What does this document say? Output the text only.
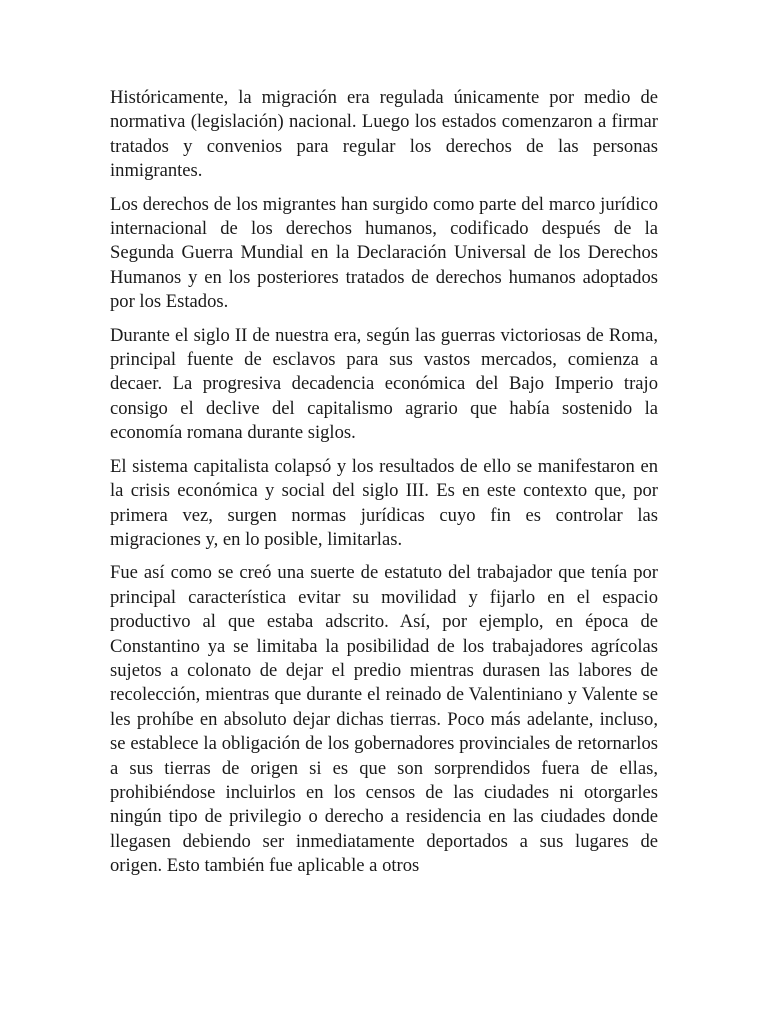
Históricamente, la migración era regulada únicamente por medio de normativa (legislación) nacional. Luego los estados comenzaron a firmar tratados y convenios para regular los derechos de las personas inmigrantes.

Los derechos de los migrantes han surgido como parte del marco jurídico internacional de los derechos humanos, codificado después de la Segunda Guerra Mundial en la Declaración Universal de los Derechos Humanos y en los posteriores tratados de derechos humanos adoptados por los Estados.

Durante el siglo II de nuestra era, según las guerras victoriosas de Roma, principal fuente de esclavos para sus vastos mercados, comienza a decaer. La progresiva decadencia económica del Bajo Imperio trajo consigo el declive del capitalismo agrario que había sostenido la economía romana durante siglos.

El sistema capitalista colapsó y los resultados de ello se manifestaron en la crisis económica y social del siglo III. Es en este contexto que, por primera vez, surgen normas jurídicas cuyo fin es controlar las migraciones y, en lo posible, limitarlas.

Fue así como se creó una suerte de estatuto del trabajador que tenía por principal característica evitar su movilidad y fijarlo en el espacio productivo al que estaba adscrito. Así, por ejemplo, en época de Constantino ya se limitaba la posibilidad de los trabajadores agrícolas sujetos a colonato de dejar el predio mientras durasen las labores de recolección, mientras que durante el reinado de Valentiniano y Valente se les prohíbe en absoluto dejar dichas tierras. Poco más adelante, incluso, se establece la obligación de los gobernadores provinciales de retornarlos a sus tierras de origen si es que son sorprendidos fuera de ellas, prohibiéndose incluirlos en los censos de las ciudades ni otorgarles ningún tipo de privilegio o derecho a residencia en las ciudades donde llegasen debiendo ser inmediatamente deportados a sus lugares de origen. Esto también fue aplicable a otros
